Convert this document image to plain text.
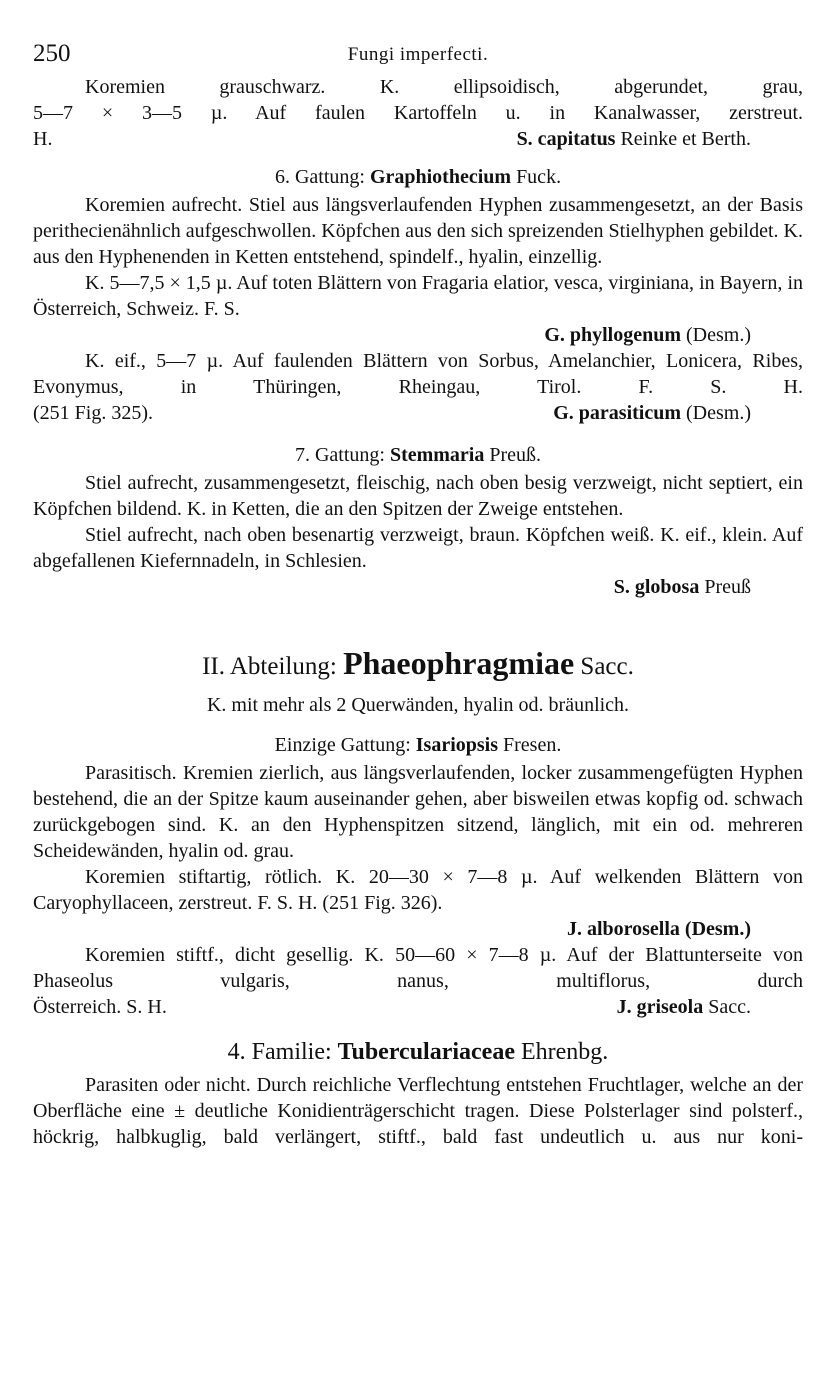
250	Fungi imperfecti.

Koremien grauschwarz. K. ellipsoidisch, abgerundet, grau,

5—7 × 3—5 µ. Auf faulen Kartoffeln u. in Kanalwasser, zerstreut.

H.	S. capitatus Reinke et Berth.
6. Gattung: Graphiothecium Fuck.

Koremien aufrecht. Stiel aus längsverlaufenden Hyphen zusammengesetzt, an der Basis perithecienähnlich aufgeschwollen. Köpfchen aus den sich spreizenden Stielhyphen gebildet. K. aus den Hyphenenden in Ketten entstehend, spindelf., hyalin, einzellig.

K. 5—7,5 × 1,5 µ. Auf toten Blättern von Fragaria elatior, vesca, virginiana, in Bayern, in Österreich, Schweiz. F. S.

G. phyllogenum (Desm.)

K. eif., 5—7 µ. Auf faulenden Blättern von Sorbus, Amelanchier, Lonicera, Ribes, Evonymus, in Thüringen, Rheingau, Tirol. F. S. H.

(251 Fig. 325).	G. parasiticum (Desm.)
7. Gattung: Stemmaria Preuß.

Stiel aufrecht, zusammengesetzt, fleischig, nach oben besig verzweigt, nicht septiert, ein Köpfchen bildend. K. in Ketten, die an den Spitzen der Zweige entstehen.

Stiel aufrecht, nach oben besenartig verzweigt, braun. Köpfchen weiß. K. eif., klein. Auf abgefallenen Kiefernnadeln, in Schlesien.

S. globosa Preuß
II. Abteilung: Phaeophragmiae Sacc.
K. mit mehr als 2 Querwänden, hyalin od. bräunlich.
Einzige Gattung: Isariopsis Fresen.

Parasitisch. Kremien zierlich, aus längsverlaufenden, locker zusammengefügten Hyphen bestehend, die an der Spitze kaum auseinander gehen, aber bisweilen etwas kopfig od. schwach zurückgebogen sind. K. an den Hyphenspitzen sitzend, länglich, mit ein od. mehreren Scheidewänden, hyalin od. grau.

Koremien stiftartig, rötlich. K. 20—30 × 7—8 µ. Auf welkenden Blättern von Caryophyllaceen, zerstreut. F. S. H. (251 Fig. 326).

J. alborosella (Desm.)

Koremien stiftf., dicht gesellig. K. 50—60 × 7—8 µ. Auf der Blattunterseite von Phaseolus vulgaris, nanus, multiflorus, durch

Österreich. S. H.	J. griseola Sacc.
4. Familie: Tuberculariaceae Ehrenbg.

Parasiten oder nicht. Durch reichliche Verflechtung entstehen Fruchtlager, welche an der Oberfläche eine ± deutliche Konidienträgerschicht tragen. Diese Polsterlager sind polsterf., höckrig, halbkuglig, bald verlängert, stiftf., bald fast undeutlich u. aus nur koni-
